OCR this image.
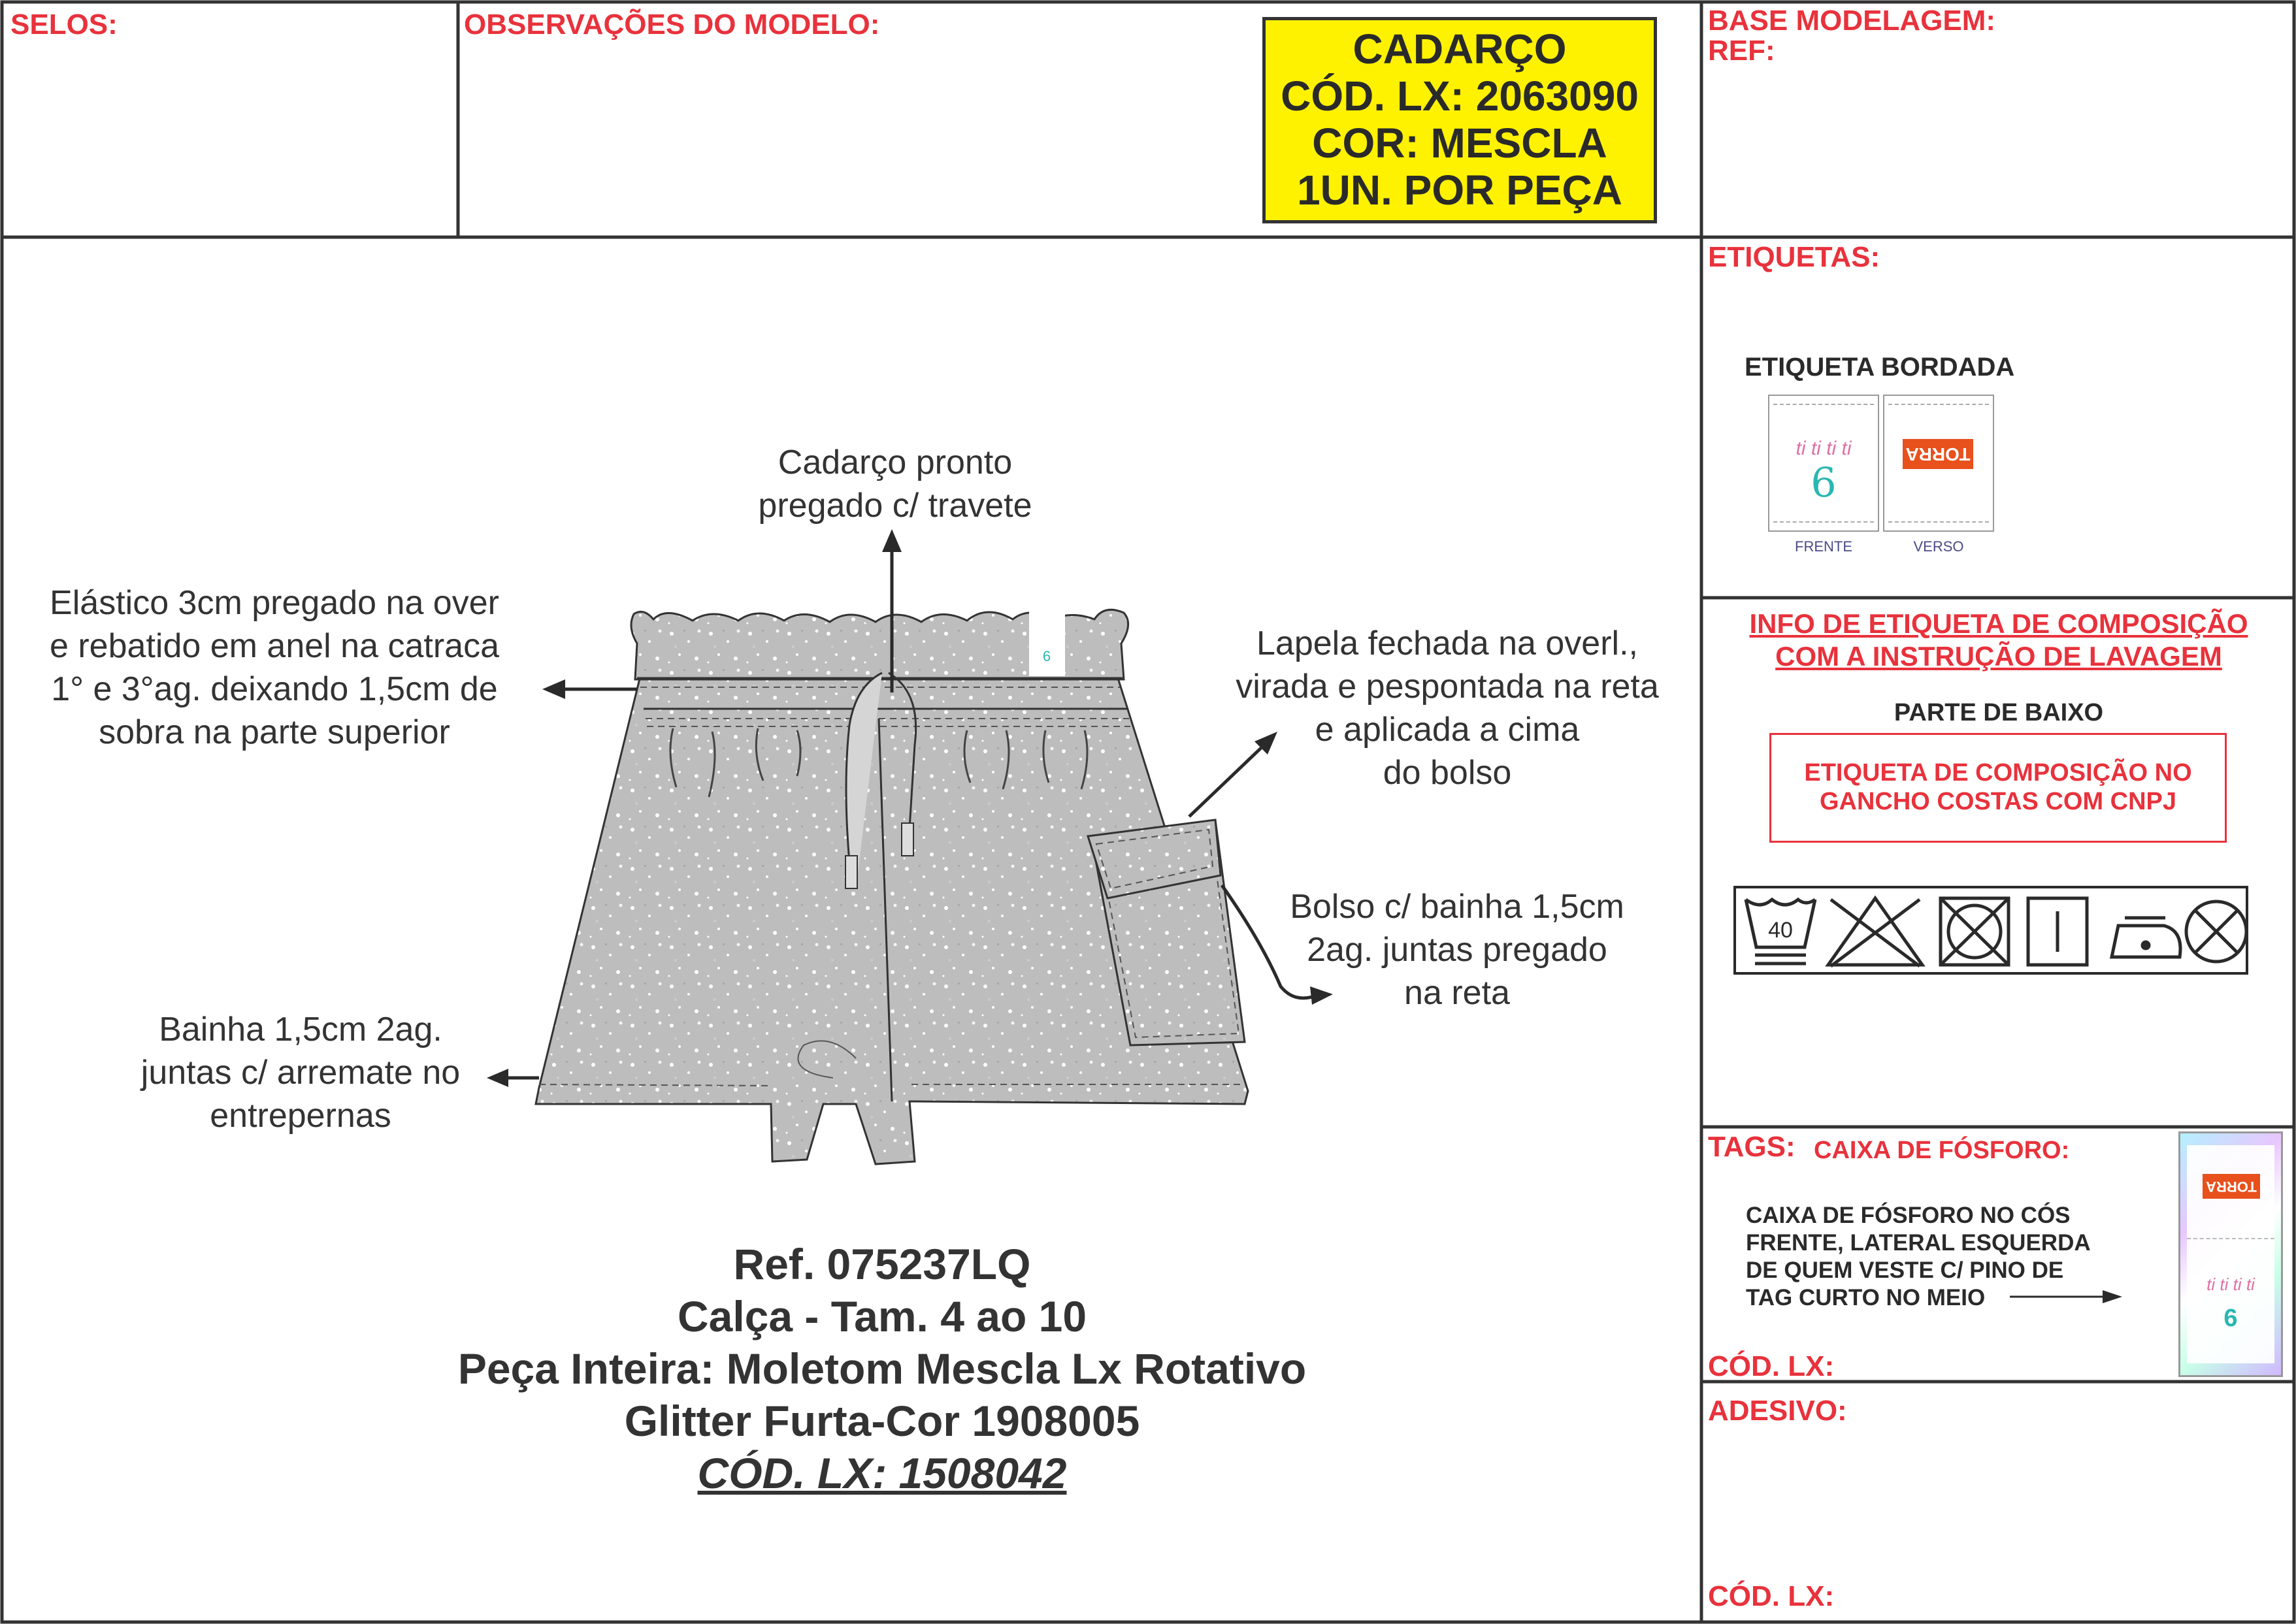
SELOS:	OBSERVAÇÕES DO MODELO:	BASE MODELAGEM:
REF:
CADARÇO
CÓD. LX: 2063090
COR: MESCLA
1UN. POR PEÇA
6
Cadarço pronto
pregado c/ travete
Elástico 3cm pregado na over
e rebatido em anel na catraca
1° e 3°ag. deixando 1,5cm de
sobra na parte superior
Lapela fechada na overl.,
virada e pespontada na reta
e aplicada a cima
do bolso
Bolso c/ bainha 1,5cm
2ag. juntas pregado
na reta
Bainha 1,5cm 2ag.
juntas c/ arremate no
entrepernas
Ref. 075237LQ
Calça - Tam. 4 ao 10
Peça Inteira: Moletom Mescla Lx Rotativo
Glitter Furta-Cor 1908005
CÓD. LX: 1508042
ETIQUETAS:
ETIQUETA BORDADA
ti ti ti ti
6
TORRA
FRENTE	VERSO
INFO DE ETIQUETA DE COMPOSIÇÃO
COM A INSTRUÇÃO DE LAVAGEM
PARTE DE BAIXO
ETIQUETA DE COMPOSIÇÃO NO
GANCHO COSTAS COM CNPJ
40
TAGS: CAIXA DE FÓSFORO:
CAIXA DE FÓSFORO NO CÓS
FRENTE, LATERAL ESQUERDA
DE QUEM VESTE C/ PINO DE
TAG CURTO NO MEIO
TORRA
ti ti ti ti
6
CÓD. LX:
ADESIVO:
CÓD. LX:
